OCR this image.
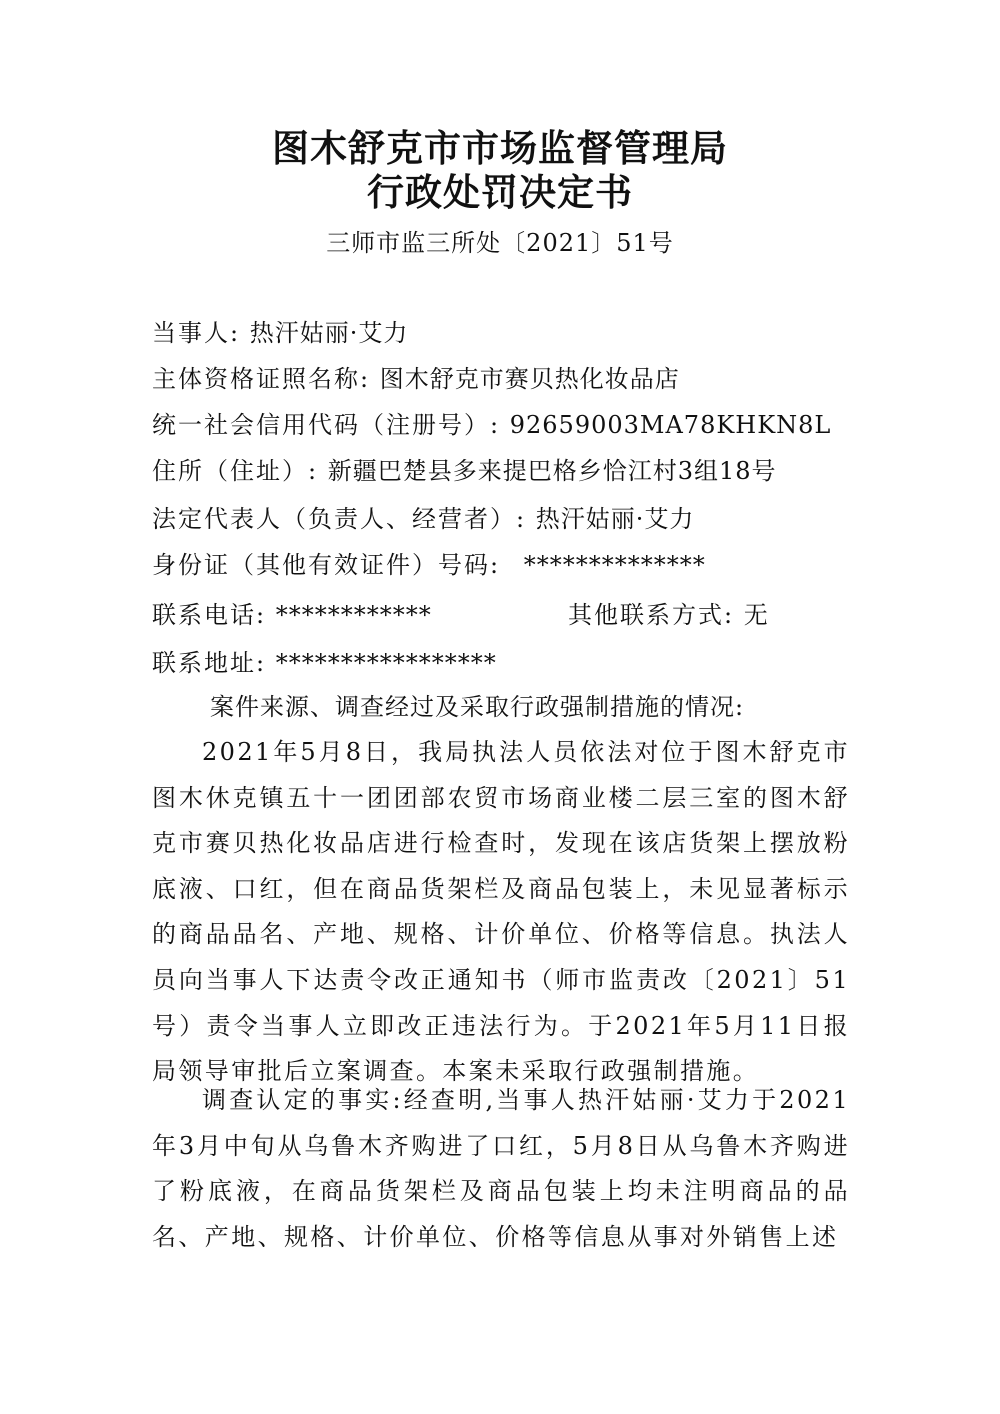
图木舒克市市场监督管理局
行政处罚决定书
三师市监三所处〔2021〕51号
当事人: 热汗姑丽·艾力
主体资格证照名称: 图木舒克市赛贝热化妆品店
统一社会信用代码（注册号）: 92659003MA78KHKN8L
住所（住址）: 新疆巴楚县多来提巴格乡恰江村3组18号
法定代表人（负责人、经营者）: 热汗姑丽·艾力
身份证（其他有效证件）号码: **************
联系电话: ************	其他联系方式: 无
联系地址: *****************
案件来源、调查经过及采取行政强制措施的情况:
2021年5月8日，我局执法人员依法对位于图木舒克市图木休克镇五十一团团部农贸市场商业楼二层三室的图木舒克市赛贝热化妆品店进行检查时，发现在该店货架上摆放粉底液、口红，但在商品货架栏及商品包装上，未见显著标示的商品品名、产地、规格、计价单位、价格等信息。执法人员向当事人下达责令改正通知书（师市监责改〔2021〕51号）责令当事人立即改正违法行为。于2021年5月11日报局领导审批后立案调查。本案未采取行政强制措施。
调查认定的事实:经查明,当事人热汗姑丽·艾力于2021年3月中旬从乌鲁木齐购进了口红，5月8日从乌鲁木齐购进了粉底液，在商品货架栏及商品包装上均未注明商品的品名、产地、规格、计价单位、价格等信息从事对外销售上述
